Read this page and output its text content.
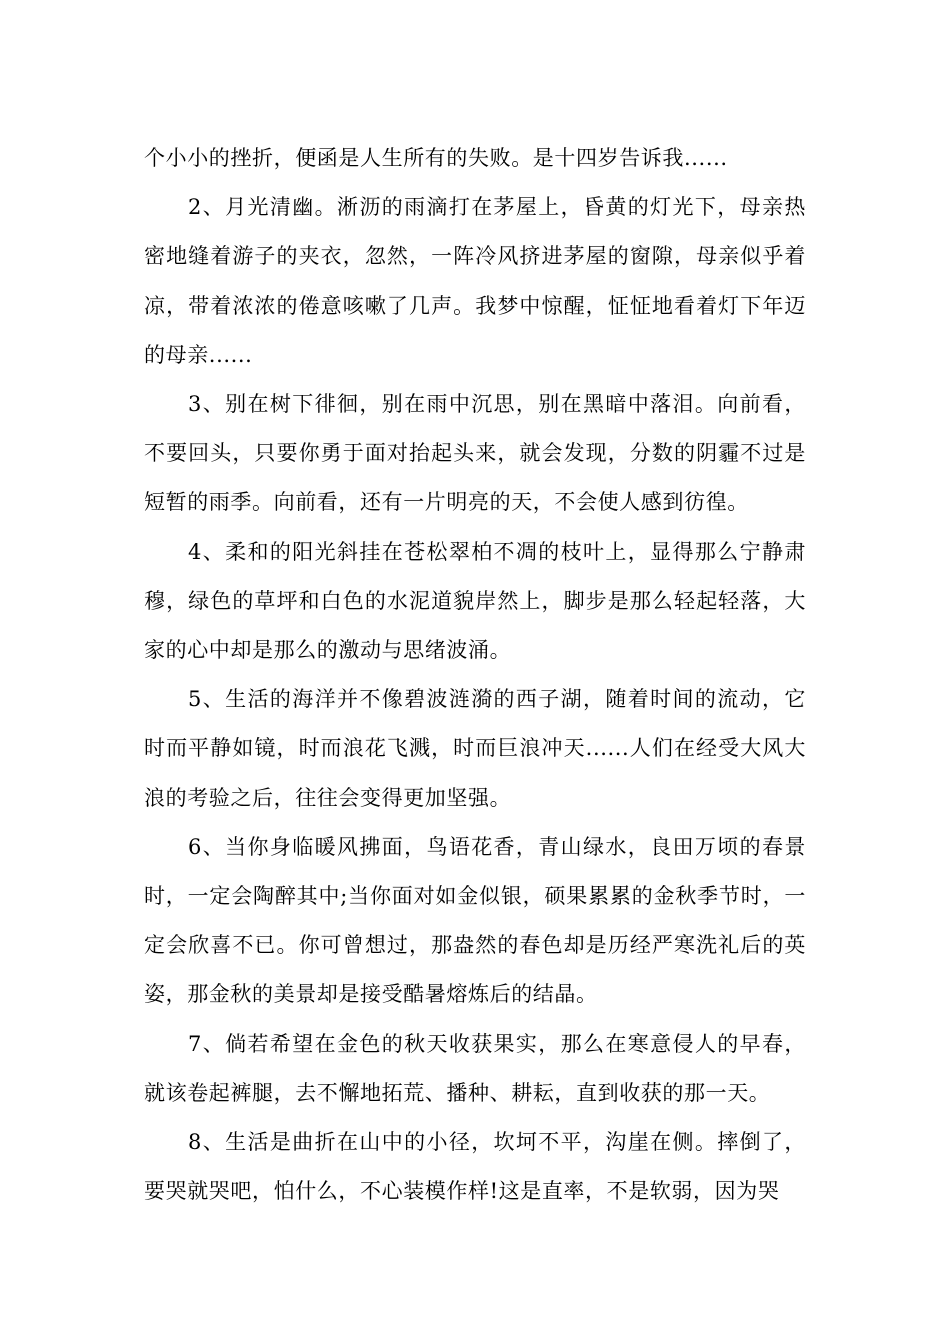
个小小的挫折，便函是人生所有的失败。是十四岁告诉我......

2、月光清幽。淅沥的雨滴打在茅屋上，昏黄的灯光下，母亲热密地缝着游子的夹衣，忽然，一阵冷风挤进茅屋的窗隙，母亲似乎着凉，带着浓浓的倦意咳嗽了几声。我梦中惊醒，怔怔地看着灯下年迈的母亲......

3、别在树下徘徊，别在雨中沉思，别在黑暗中落泪。向前看，不要回头，只要你勇于面对抬起头来，就会发现，分数的阴霾不过是短暂的雨季。向前看，还有一片明亮的天，不会使人感到彷徨。

4、柔和的阳光斜挂在苍松翠柏不凋的枝叶上，显得那么宁静肃穆，绿色的草坪和白色的水泥道貌岸然上，脚步是那么轻起轻落，大家的心中却是那么的激动与思绪波涌。

5、生活的海洋并不像碧波涟漪的西子湖，随着时间的流动，它时而平静如镜，时而浪花飞溅，时而巨浪冲天......人们在经受大风大浪的考验之后，往往会变得更加坚强。

6、当你身临暖风拂面，鸟语花香，青山绿水，良田万顷的春景时，一定会陶醉其中;当你面对如金似银，硕果累累的金秋季节时，一定会欣喜不已。你可曾想过，那盎然的春色却是历经严寒洗礼后的英姿，那金秋的美景却是接受酷暑熔炼后的结晶。

7、倘若希望在金色的秋天收获果实，那么在寒意侵人的早春，就该卷起裤腿，去不懈地拓荒、播种、耕耘，直到收获的那一天。

8、生活是曲折在山中的小径，坎坷不平，沟崖在侧。摔倒了，要哭就哭吧，怕什么，不心装模作样!这是直率，不是软弱，因为哭
